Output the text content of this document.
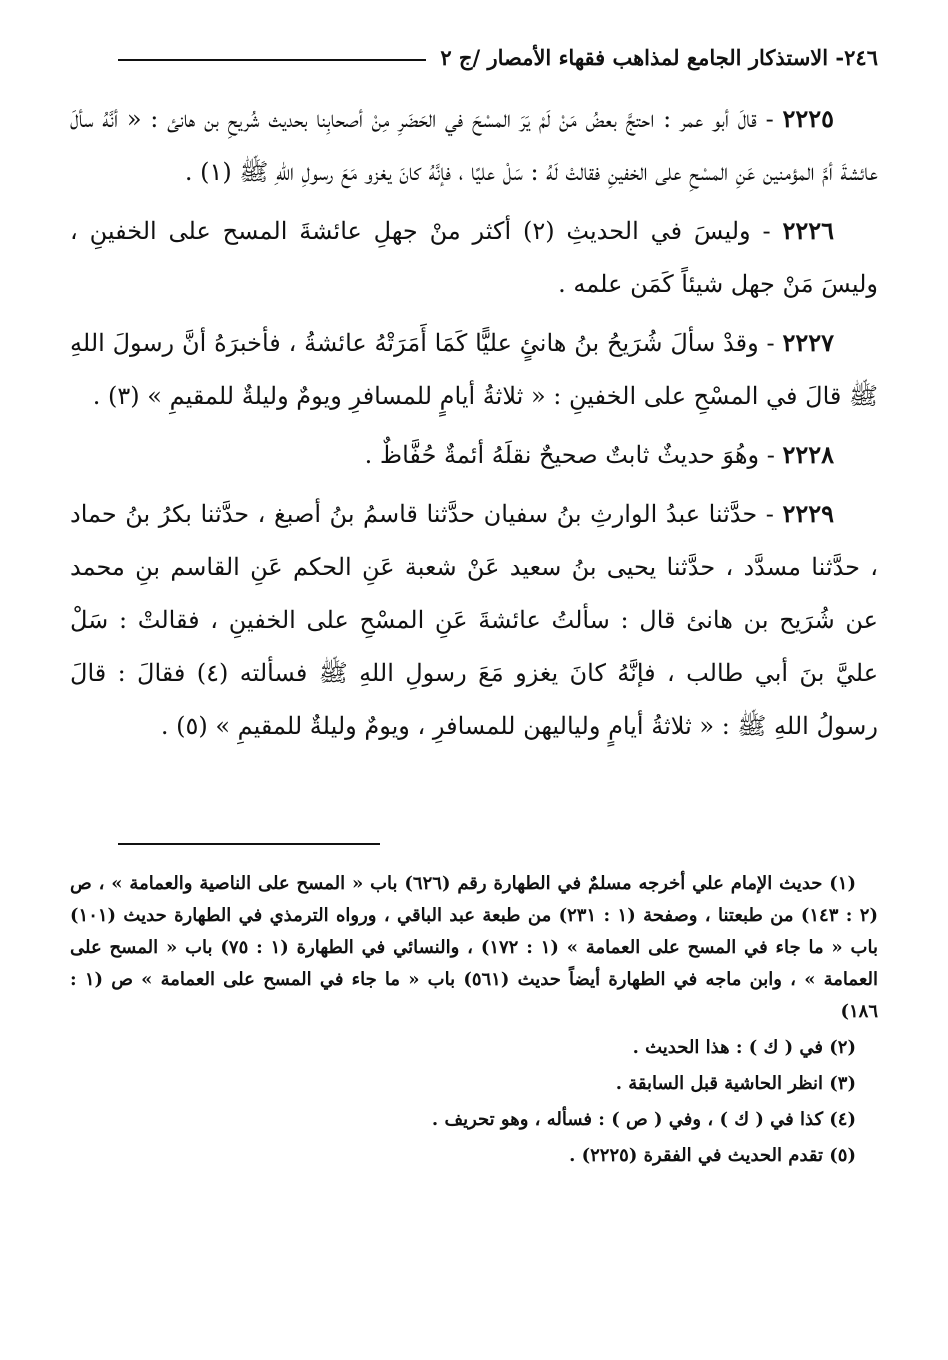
٢٤٦- الاستذكار الجامع لمذاهب فقهاء الأمصار /ج ٢

٢٢٢٥ - قالَ أبو عمر : احتجَّ بعضُ مَنْ لَمْ يَرَ المسْحَ في الحَضَرِ مِنْ أصحابِنا بحديث شُريحِ بن هانئ : « أنَّهُ سألَ عائشةَ أمَّ المؤمنين عَنِ المسْحِ على الخفينِ فقالتْ لَهُ : سَلْ عليًا ، فإنَّهُ كانَ يغزو مَعَ رسولِ اللهِ ﷺ (١) .

٢٢٢٦ - وليسَ في الحديثِ (٢) أكثر منْ جهلِ عائشةَ المسح على الخفينِ ، وليسَ مَنْ جهل شيئاً كَمَن علمه .

٢٢٢٧ - وقدْ سألَ شُرَيحُ بنُ هانئٍ عليًّا كَمَا أَمَرَتْهُ عائشةُ ، فأخبرَهُ أنَّ رسولَ اللهِ ﷺ قالَ في المسْحِ على الخفينِ : « ثلاثةُ أيامٍ للمسافرِ ويومٌ وليلةٌ للمقيمِ » (٣) .

٢٢٢٨ - وهُوَ حديثٌ ثابتٌ صحيحٌ نقلَهُ أئمةٌ حُفَّاظٌ .

٢٢٢٩ - حدَّثنا عبدُ الوارثِ بنُ سفيان حدَّثنا قاسمُ بنُ أصبغ ، حدَّثنا بكرُ بنُ حماد ، حدَّثنا مسدَّد ، حدَّثنا يحيى بنُ سعيد عَنْ شعبة عَنِ الحكم عَنِ القاسم بنِ محمد عن شُرَيح بن هانئ قال : سألتُ عائشةَ عَنِ المسْحِ على الخفينِ ، فقالتْ : سَلْ عليَّ بنَ أبي طالب ، فإنَّهُ كانَ يغزو مَعَ رسولِ اللهِ ﷺ فسألته (٤) فقالَ : قالَ رسولُ اللهِ ﷺ : « ثلاثةُ أيامٍ ولياليهن للمسافرِ ، ويومٌ وليلةٌ للمقيمِ » (٥) .

(١) حديث الإمام علي أخرجه مسلمٌ في الطهارة رقم (٦٢٦) باب « المسح على الناصية والعمامة » ، ص (٢ : ١٤٣) من طبعتنا ، وصفحة (١ : ٢٣١) من طبعة عبد الباقي ، ورواه الترمذي في الطهارة حديث (١٠١) باب « ما جاء في المسح على العمامة » (١ : ١٧٢) ، والنسائي في الطهارة (١ : ٧٥) باب « المسح على العمامة » ، وابن ماجه في الطهارة أيضاً حديث (٥٦١) باب « ما جاء في المسح على العمامة » ص (١ : ١٨٦)

(٢) في ( ك ) : هذا الحديث .

(٣) انظر الحاشية قبل السابقة .

(٤) كذا في ( ك ) ، وفي ( ص ) : فسأله ، وهو تحريف .

(٥) تقدم الحديث في الفقرة (٢٢٢٥) .
